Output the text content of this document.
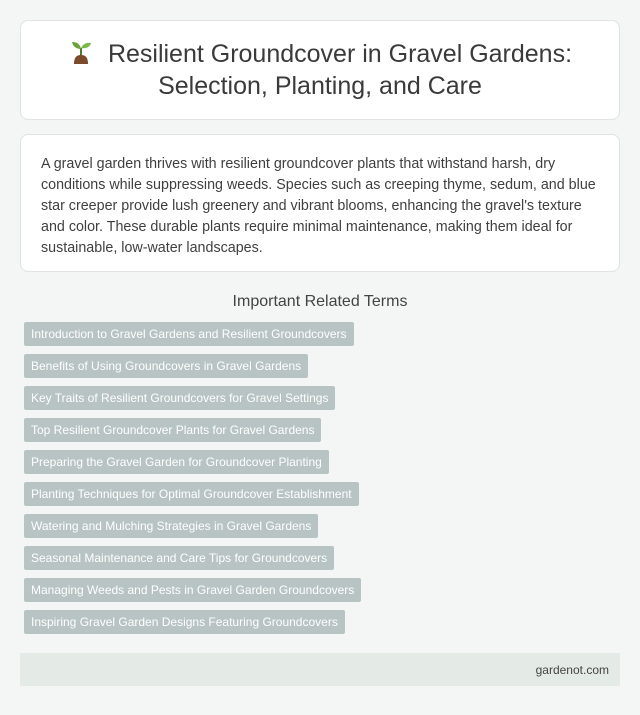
Resilient Groundcover in Gravel Gardens: Selection, Planting, and Care

A gravel garden thrives with resilient groundcover plants that withstand harsh, dry conditions while suppressing weeds. Species such as creeping thyme, sedum, and blue star creeper provide lush greenery and vibrant blooms, enhancing the gravel's texture and color. These durable plants require minimal maintenance, making them ideal for sustainable, low-water landscapes.

Important Related Terms
Introduction to Gravel Gardens and Resilient Groundcovers
Benefits of Using Groundcovers in Gravel Gardens
Key Traits of Resilient Groundcovers for Gravel Settings
Top Resilient Groundcover Plants for Gravel Gardens
Preparing the Gravel Garden for Groundcover Planting
Planting Techniques for Optimal Groundcover Establishment
Watering and Mulching Strategies in Gravel Gardens
Seasonal Maintenance and Care Tips for Groundcovers
Managing Weeds and Pests in Gravel Garden Groundcovers
Inspiring Gravel Garden Designs Featuring Groundcovers
gardenot.com
